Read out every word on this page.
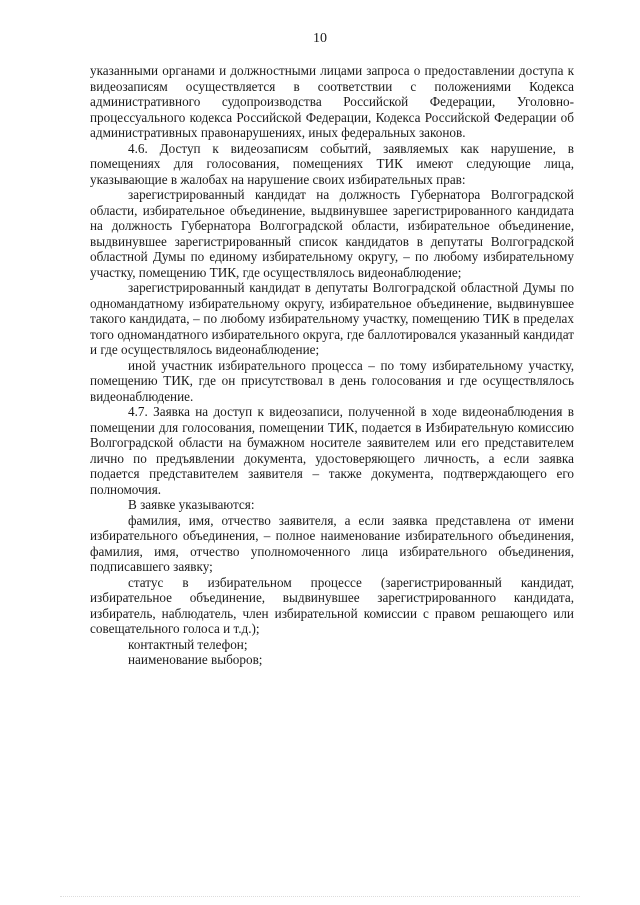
10

указанными органами и должностными лицами запроса о предоставлении доступа к видеозаписям осуществляется в соответствии с положениями Кодекса административного судопроизводства Российской Федерации, Уголовно-процессуального кодекса Российской Федерации, Кодекса Российской Федерации об административных правонарушениях, иных федеральных законов.

4.6. Доступ к видеозаписям событий, заявляемых как нарушение, в помещениях для голосования, помещениях ТИК имеют следующие лица, указывающие в жалобах на нарушение своих избирательных прав:

зарегистрированный кандидат на должность Губернатора Волгоградской области, избирательное объединение, выдвинувшее зарегистрированного кандидата на должность Губернатора Волгоградской области, избирательное объединение, выдвинувшее зарегистрированный список кандидатов в депутаты Волгоградской областной Думы по единому избирательному округу, – по любому избирательному участку, помещению ТИК, где осуществлялось видеонаблюдение;

зарегистрированный кандидат в депутаты Волгоградской областной Думы по одномандатному избирательному округу, избирательное объединение, выдвинувшее такого кандидата, – по любому избирательному участку, помещению ТИК в пределах того одномандатного избирательного округа, где баллотировался указанный кандидат и где осуществлялось видеонаблюдение;

иной участник избирательного процесса – по тому избирательному участку, помещению ТИК, где он присутствовал в день голосования и где осуществлялось видеонаблюдение.

4.7. Заявка на доступ к видеозаписи, полученной в ходе видеонаблюдения в помещении для голосования, помещении ТИК, подается в Избирательную комиссию Волгоградской области на бумажном носителе заявителем или его представителем лично по предъявлении документа, удостоверяющего личность, а если заявка подается представителем заявителя – также документа, подтверждающего его полномочия.

В заявке указываются:

фамилия, имя, отчество заявителя, а если заявка представлена от имени избирательного объединения, – полное наименование избирательного объединения, фамилия, имя, отчество уполномоченного лица избирательного объединения, подписавшего заявку;

статус в избирательном процессе (зарегистрированный кандидат, избирательное объединение, выдвинувшее зарегистрированного кандидата, избиратель, наблюдатель, член избирательной комиссии с правом решающего или совещательного голоса и т.д.);

контактный телефон;

наименование выборов;
